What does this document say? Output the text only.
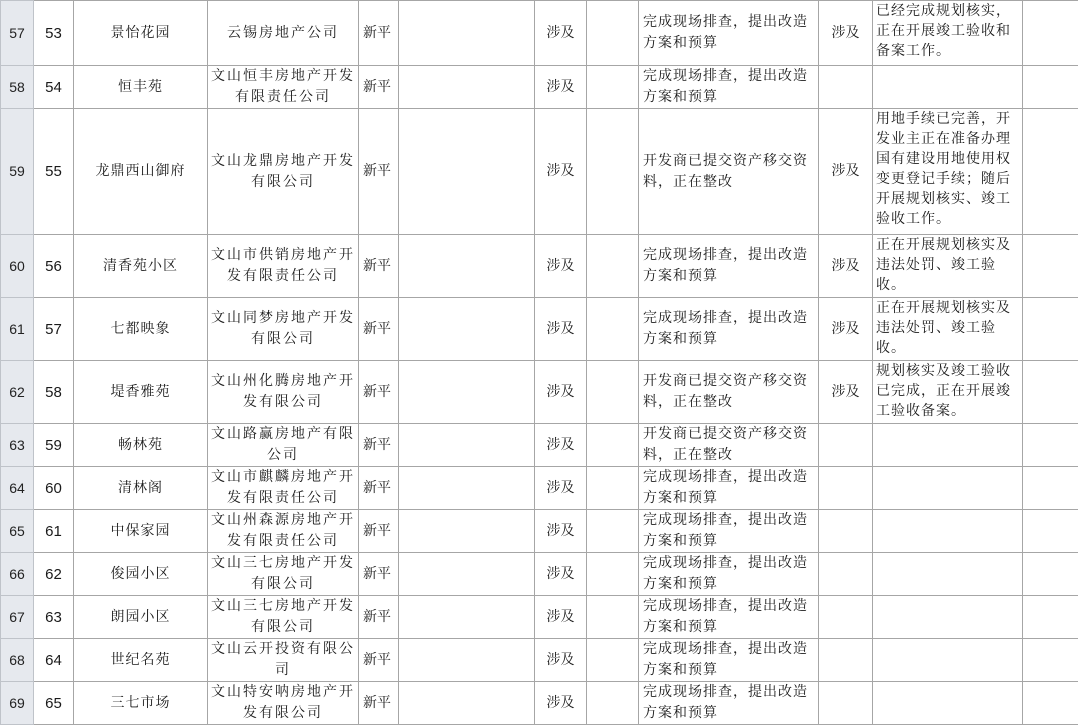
57	53	景怡花园	云锡房地产公司	新平		涉及		完成现场排查，提出改造方案和预算	涉及	已经完成规划核实，正在开展竣工验收和备案工作。	
58	54	恒丰苑	文山恒丰房地产开发有限责任公司	新平		涉及		完成现场排查，提出改造方案和预算			
59	55	龙鼎西山御府	文山龙鼎房地产开发有限公司	新平		涉及		开发商已提交资产移交资料，正在整改	涉及	用地手续已完善，开发业主正在准备办理国有建设用地使用权变更登记手续；随后开展规划核实、竣工验收工作。	
60	56	清香苑小区	文山市供销房地产开发有限责任公司	新平		涉及		完成现场排查，提出改造方案和预算	涉及	正在开展规划核实及违法处罚、竣工验收。	
61	57	七都映象	文山同梦房地产开发有限公司	新平		涉及		完成现场排查，提出改造方案和预算	涉及	正在开展规划核实及违法处罚、竣工验收。	
62	58	堤香雅苑	文山州化腾房地产开发有限公司	新平		涉及		开发商已提交资产移交资料，正在整改	涉及	规划核实及竣工验收已完成，正在开展竣工验收备案。	
63	59	畅林苑	文山路赢房地产有限公司	新平		涉及		开发商已提交资产移交资料，正在整改			
64	60	清林阁	文山市麒麟房地产开发有限责任公司	新平		涉及		完成现场排查，提出改造方案和预算			
65	61	中保家园	文山州森源房地产开发有限责任公司	新平		涉及		完成现场排查，提出改造方案和预算			
66	62	俊园小区	文山三七房地产开发有限公司	新平		涉及		完成现场排查，提出改造方案和预算			
67	63	朗园小区	文山三七房地产开发有限公司	新平		涉及		完成现场排查，提出改造方案和预算			
68	64	世纪名苑	文山云开投资有限公司	新平		涉及		完成现场排查，提出改造方案和预算			
69	65	三七市场	文山特安呐房地产开发有限公司	新平		涉及		完成现场排查，提出改造方案和预算			
